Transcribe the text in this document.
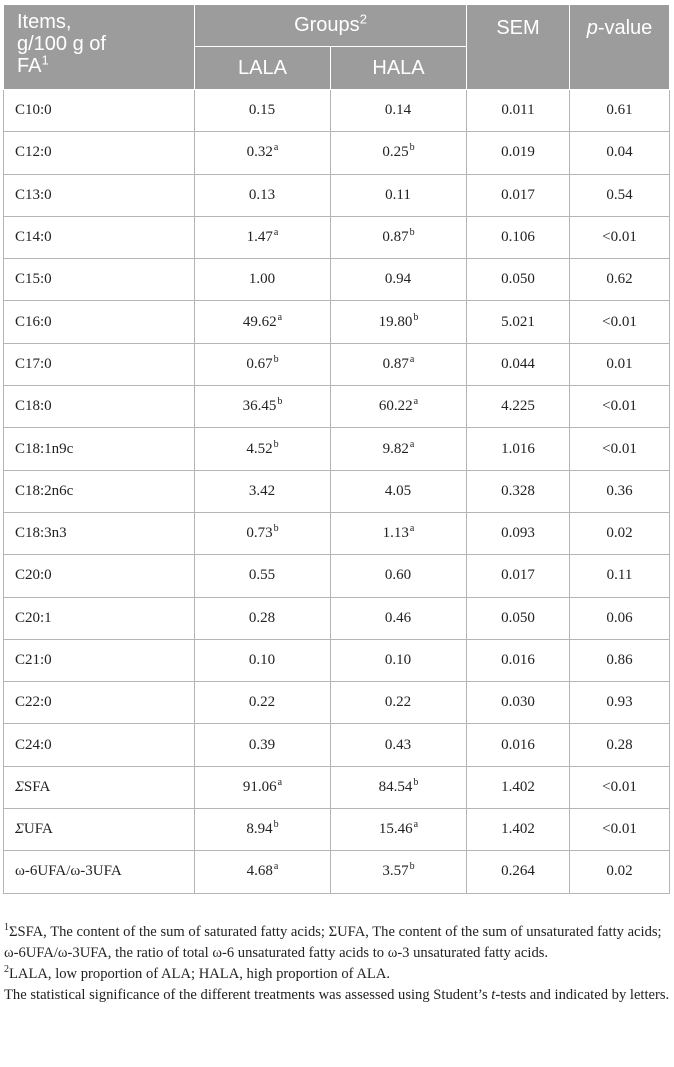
Items,
g/100 g of
$FA^1$	Groups$^2$		SEM	p-value
	LALA	HALA		
C10:0	0.15	0.14	0.011	0.61
C12:0	0.32$^a$	0.25$^b$	0.019	0.04
C13:0	0.13	0.11	0.017	0.54
C14:0	1.47$^a$	0.87$^b$	0.106	<0.01
C15:0	1.00	0.94	0.050	0.62
C16:0	49.62$^a$	19.80$^b$	5.021	<0.01
C17:0	0.67$^b$	0.87$^a$	0.044	0.01
C18:0	36.45$^b$	60.22$^a$	4.225	<0.01
C18:1n9c	4.52$^b$	9.82$^a$	1.016	<0.01
C18:2n6c	3.42	4.05	0.328	0.36
C18:3n3	0.73$^b$	1.13$^a$	0.093	0.02
C20:0	0.55	0.60	0.017	0.11
C20:1	0.28	0.46	0.050	0.06
C21:0	0.10	0.10	0.016	0.86
C22:0	0.22	0.22	0.030	0.93
C24:0	0.39	0.43	0.016	0.28
ΣSFA	91.06$^a$	84.54$^b$	1.402	<0.01
ΣUFA	8.94$^b$	15.46$^a$	1.402	<0.01
ω-6UFA/ω-3UFA	4.68$^a$	3.57$^b$	0.264	0.02

$^1$ΣSFA, The content of the sum of saturated fatty acids; ΣUFA, The content of the sum of unsaturated fatty acids; ω-6UFA/ω-3UFA, the ratio of total ω-6 unsaturated fatty acids to ω-3 unsaturated fatty acids.

$^2$LALA, low proportion of ALA; HALA, high proportion of ALA.

The statistical significance of the different treatments was assessed using Student’s t-tests and indicated by letters.
